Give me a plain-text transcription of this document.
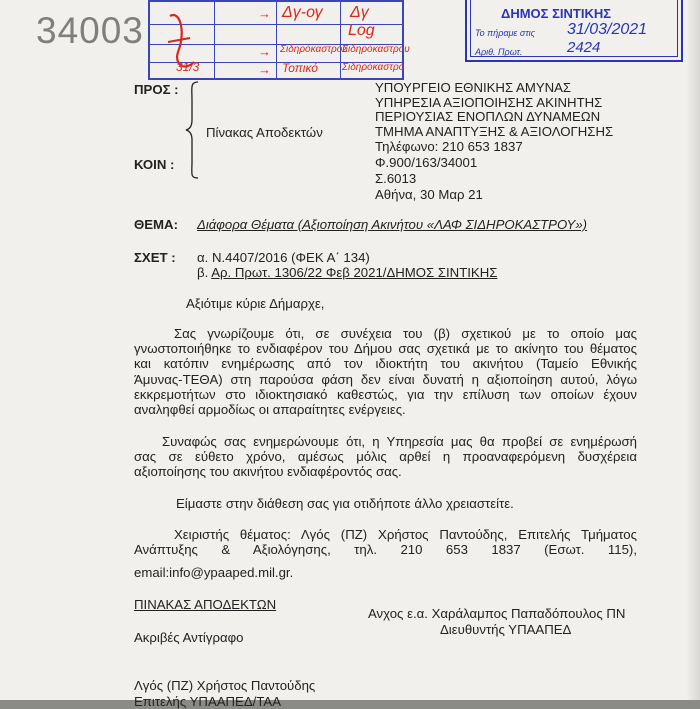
34003
31/3
→ Δγ-ογ Δγ
Log
→ Σιδηρόκαστρου
Σιδηρόκαστρου
→ Τοπικό Σιδηρόκαστρο
ΔΗΜΟΣ ΣΙΝΤΙΚΗΣ
Το πήραμε στις 31/03/2021
Αριθ. Πρωτ.	2424
ΠΡΟΣ :
ΚΟΙΝ :
Πίνακας Αποδεκτών
ΥΠΟΥΡΓΕΙΟ ΕΘΝΙΚΗΣ ΑΜΥΝΑΣ
ΥΠΗΡΕΣΙΑ ΑΞΙΟΠΟΙΗΣΗΣ ΑΚΙΝΗΤΗΣ
ΠΕΡΙΟΥΣΙΑΣ ΕΝΟΠΛΩΝ ΔΥΝΑΜΕΩΝ
ΤΜΗΜΑ ΑΝΑΠΤΥΞΗΣ & ΑΞΙΟΛΟΓΗΣΗΣ
Τηλέφωνο: 210 653 1837
Φ.900/163/34001
Σ.6013
Αθήνα, 30 Μαρ 21
ΘΕΜΑ: Διάφορα Θέματα (Αξιοποίηση Ακινήτου «ΛΑΦ ΣΙΔΗΡΟΚΑΣΤΡΟΥ»)
ΣΧΕΤ : α. Ν.4407/2016 (ΦΕΚ Α΄ 134)
β. Αρ. Πρωτ. 1306/22 Φεβ 2021/ΔΗΜΟΣ ΣΙΝΤΙΚΗΣ
Αξιότιμε κύριε Δήμαρχε,
Σας γνωρίζουμε ότι, σε συνέχεια του (β) σχετικού με το οποίο μας
γνωστοποιήθηκε το ενδιαφέρον του Δήμου σας σχετικά με το ακίνητο του θέματος
και κατόπιν ενημέρωσης από τον ιδιοκτήτη του ακινήτου (Ταμείο Εθνικής
Άμυνας-ΤΕΘΑ) στη παρούσα φάση δεν είναι δυνατή η αξιοποίηση αυτού, λόγω
εκκρεμοτήτων στο ιδιοκτησιακό καθεστώς, για την επίλυση των οποίων έχουν
αναληφθεί αρμοδίως οι απαραίτητες ενέργειες.
Συναφώς σας ενημερώνουμε ότι, η Υπηρεσία μας θα προβεί σε ενημέρωσή
σας σε εύθετο χρόνο, αμέσως μόλις αρθεί η προαναφερόμενη δυσχέρεια
αξιοποίησης του ακινήτου ενδιαφέροντός σας.
Είμαστε στην διάθεση σας για οτιδήποτε άλλο χρειαστείτε.
Χειριστής θέματος: Λγός (ΠΖ) Χρήστος Παντούδης, Επιτελής Τμήματος
Ανάπτυξης & Αξιολόγησης, τηλ. 210 653 1837 (Εσωτ. 115),
email:info@ypaaped.mil.gr.
ΠΙΝΑΚΑΣ ΑΠΟΔΕΚΤΩΝ
Ανχος ε.α. Χαράλαμπος Παπαδόπουλος ΠΝ
Διευθυντής ΥΠΑΑΠΕΔ
Ακριβές Αντίγραφο
Λγός (ΠΖ) Χρήστος Παντούδης
Επιτελής ΥΠΑΑΠΕΔ/ΤΑΑ
